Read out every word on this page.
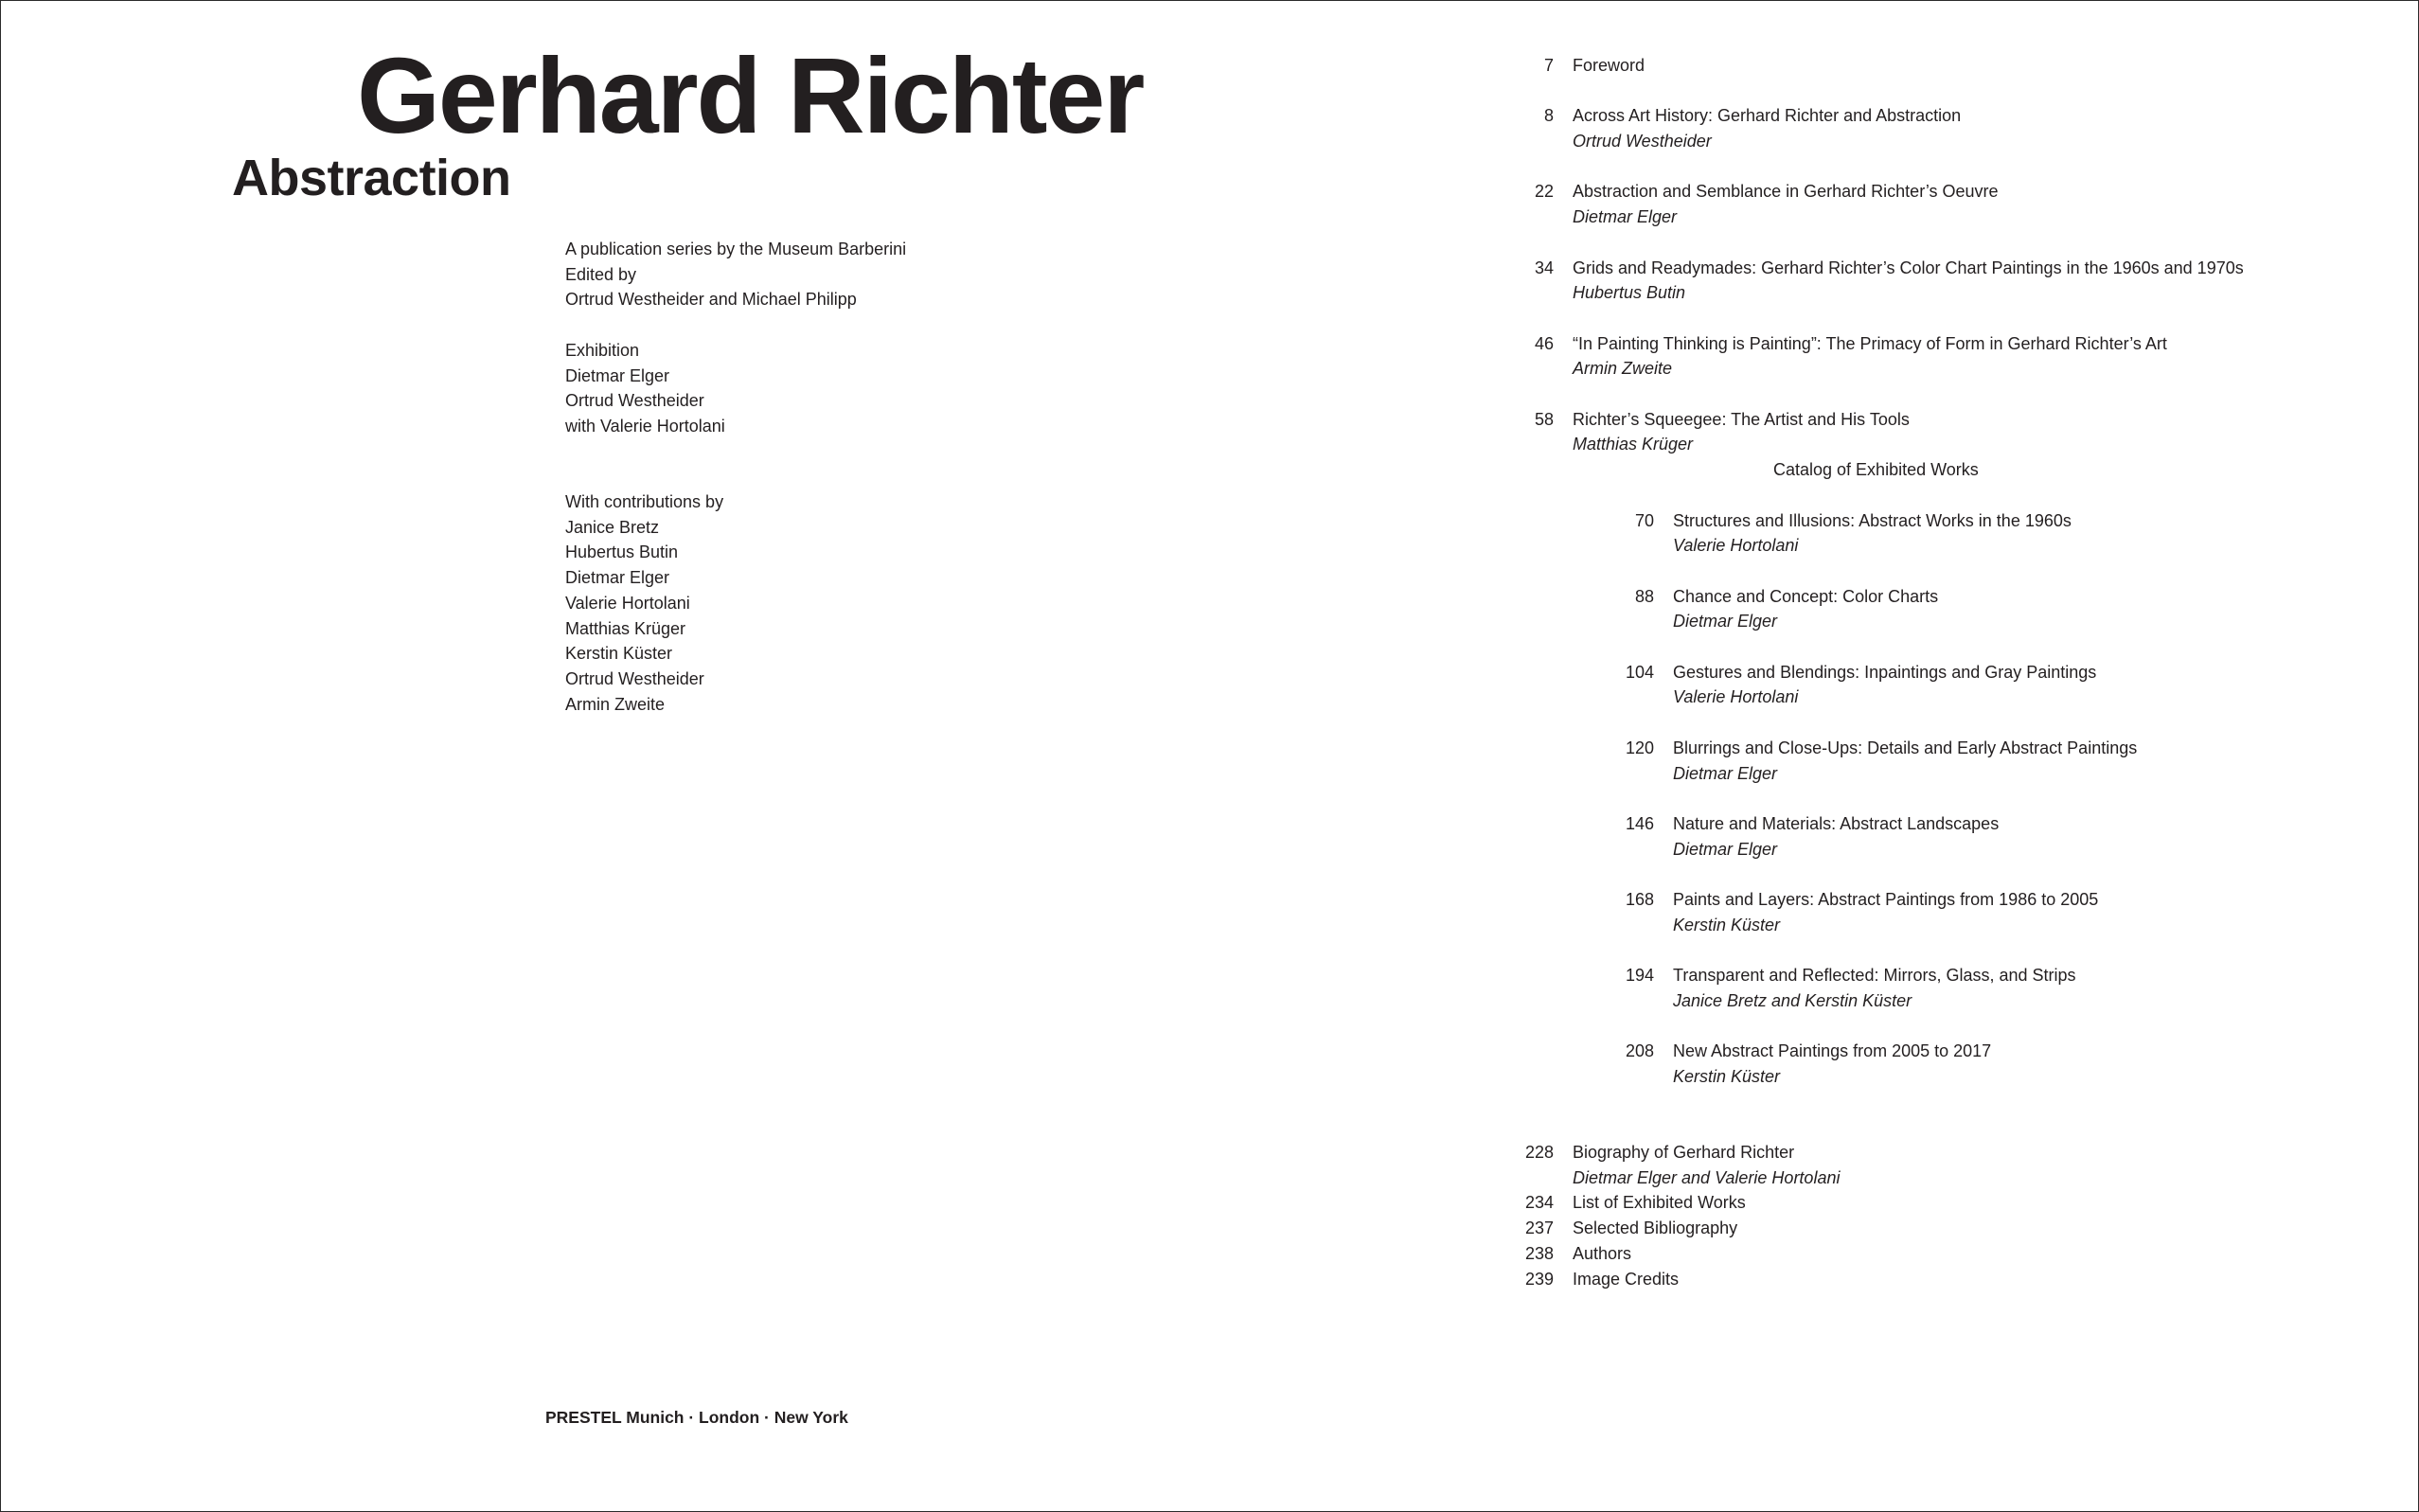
Gerhard Richter
Abstraction
A publication series by the Museum Barberini
Edited by
Ortrud Westheider and Michael Philipp
Exhibition
Dietmar Elger
Ortrud Westheider
with Valerie Hortolani
With contributions by
Janice Bretz
Hubertus Butin
Dietmar Elger
Valerie Hortolani
Matthias Krüger
Kerstin Küster
Ortrud Westheider
Armin Zweite
PRESTEL Munich · London · New York
7 Foreword
8 Across Art History: Gerhard Richter and Abstraction
Ortrud Westheider
22 Abstraction and Semblance in Gerhard Richter’s Oeuvre
Dietmar Elger
34 Grids and Readymades: Gerhard Richter’s Color Chart Paintings in the 1960s and 1970s
Hubertus Butin
46 “In Painting Thinking is Painting”: The Primacy of Form in Gerhard Richter’s Art
Armin Zweite
58 Richter’s Squeegee: The Artist and His Tools
Matthias Krüger
Catalog of Exhibited Works
70 Structures and Illusions: Abstract Works in the 1960s
Valerie Hortolani
88 Chance and Concept: Color Charts
Dietmar Elger
104 Gestures and Blendings: Inpaintings and Gray Paintings
Valerie Hortolani
120 Blurrings and Close-Ups: Details and Early Abstract Paintings
Dietmar Elger
146 Nature and Materials: Abstract Landscapes
Dietmar Elger
168 Paints and Layers: Abstract Paintings from 1986 to 2005
Kerstin Küster
194 Transparent and Reflected: Mirrors, Glass, and Strips
Janice Bretz and Kerstin Küster
208 New Abstract Paintings from 2005 to 2017
Kerstin Küster
228 Biography of Gerhard Richter
Dietmar Elger and Valerie Hortolani
234 List of Exhibited Works
237 Selected Bibliography
238 Authors
239 Image Credits
